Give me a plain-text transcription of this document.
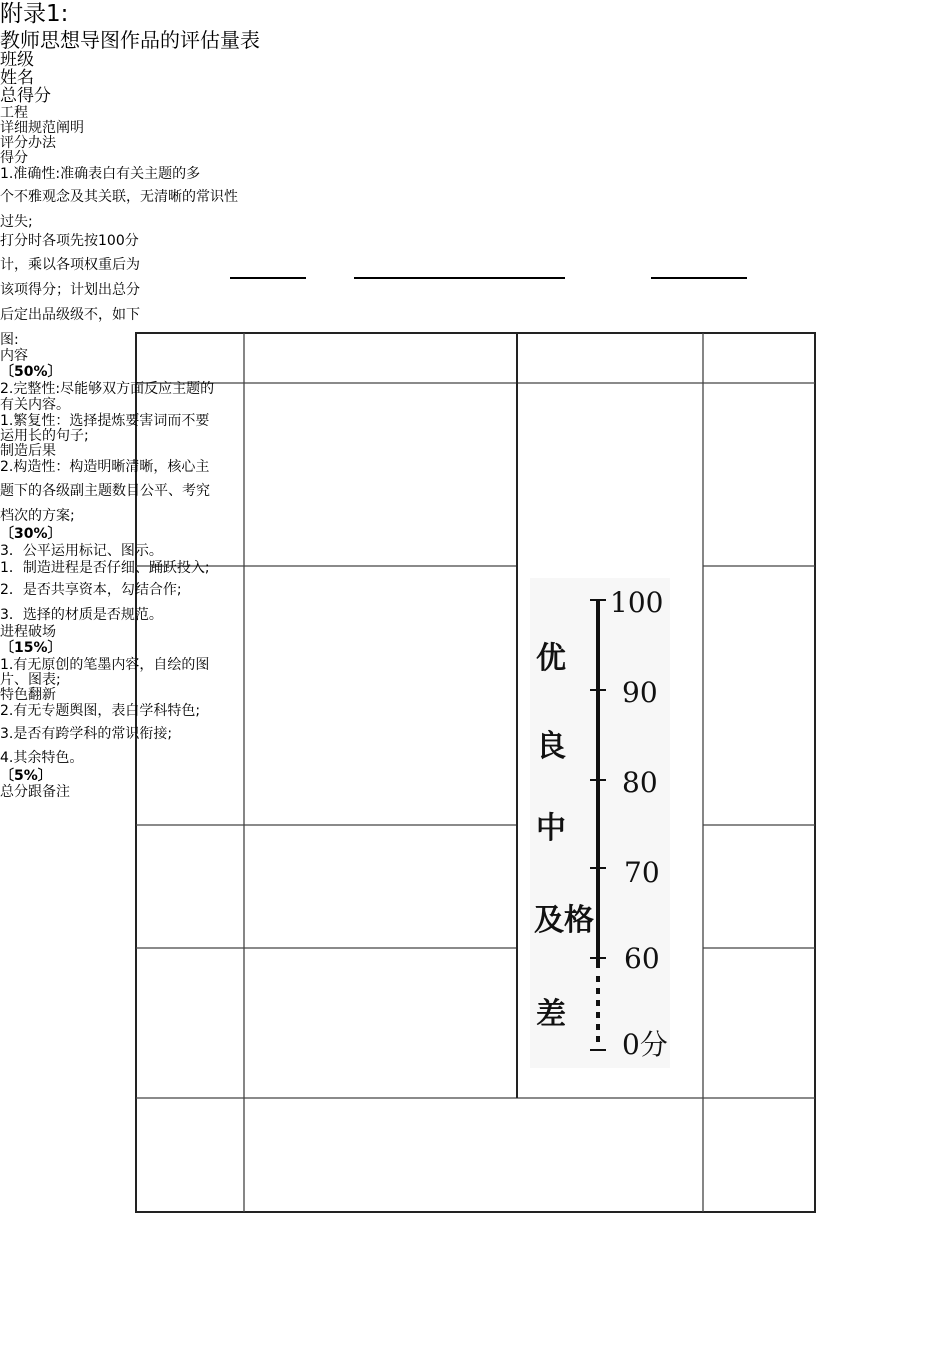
100
90
80
70
60
0分
优
良
中
及格
差
附录1:
教师思想导图作品的评估量表
班级
姓名
总得分
工程
详细规范阐明
评分办法
得分
1.准确性:准确表白有关主题的多
个不雅观念及其关联，无清晰的常识性
过失;
打分时各项先按100分
计，乘以各项权重后为
该项得分；计划出总分
后定出品级级不，如下
图:
内容
〔50%〕
2.完整性:尽能够双方面反应主题的
有关内容。
1.繁复性：选择提炼要害词而不要
运用长的句子;
制造后果
2.构造性：构造明晰清晰，核心主
题下的各级副主题数目公平、考究
档次的方案;
〔30%〕
3．公平运用标记、图示。
1．制造进程是否仔细、踊跃投入;
2．是否共享资本，勾结合作;
3．选择的材质是否规范。
进程破场
〔15%〕
1.有无原创的笔墨内容，自绘的图
片、图表;
特色翻新
2.有无专题舆图，表白学科特色;
3.是否有跨学科的常识衔接;
4.其余特色。
〔5%〕
总分跟备注
